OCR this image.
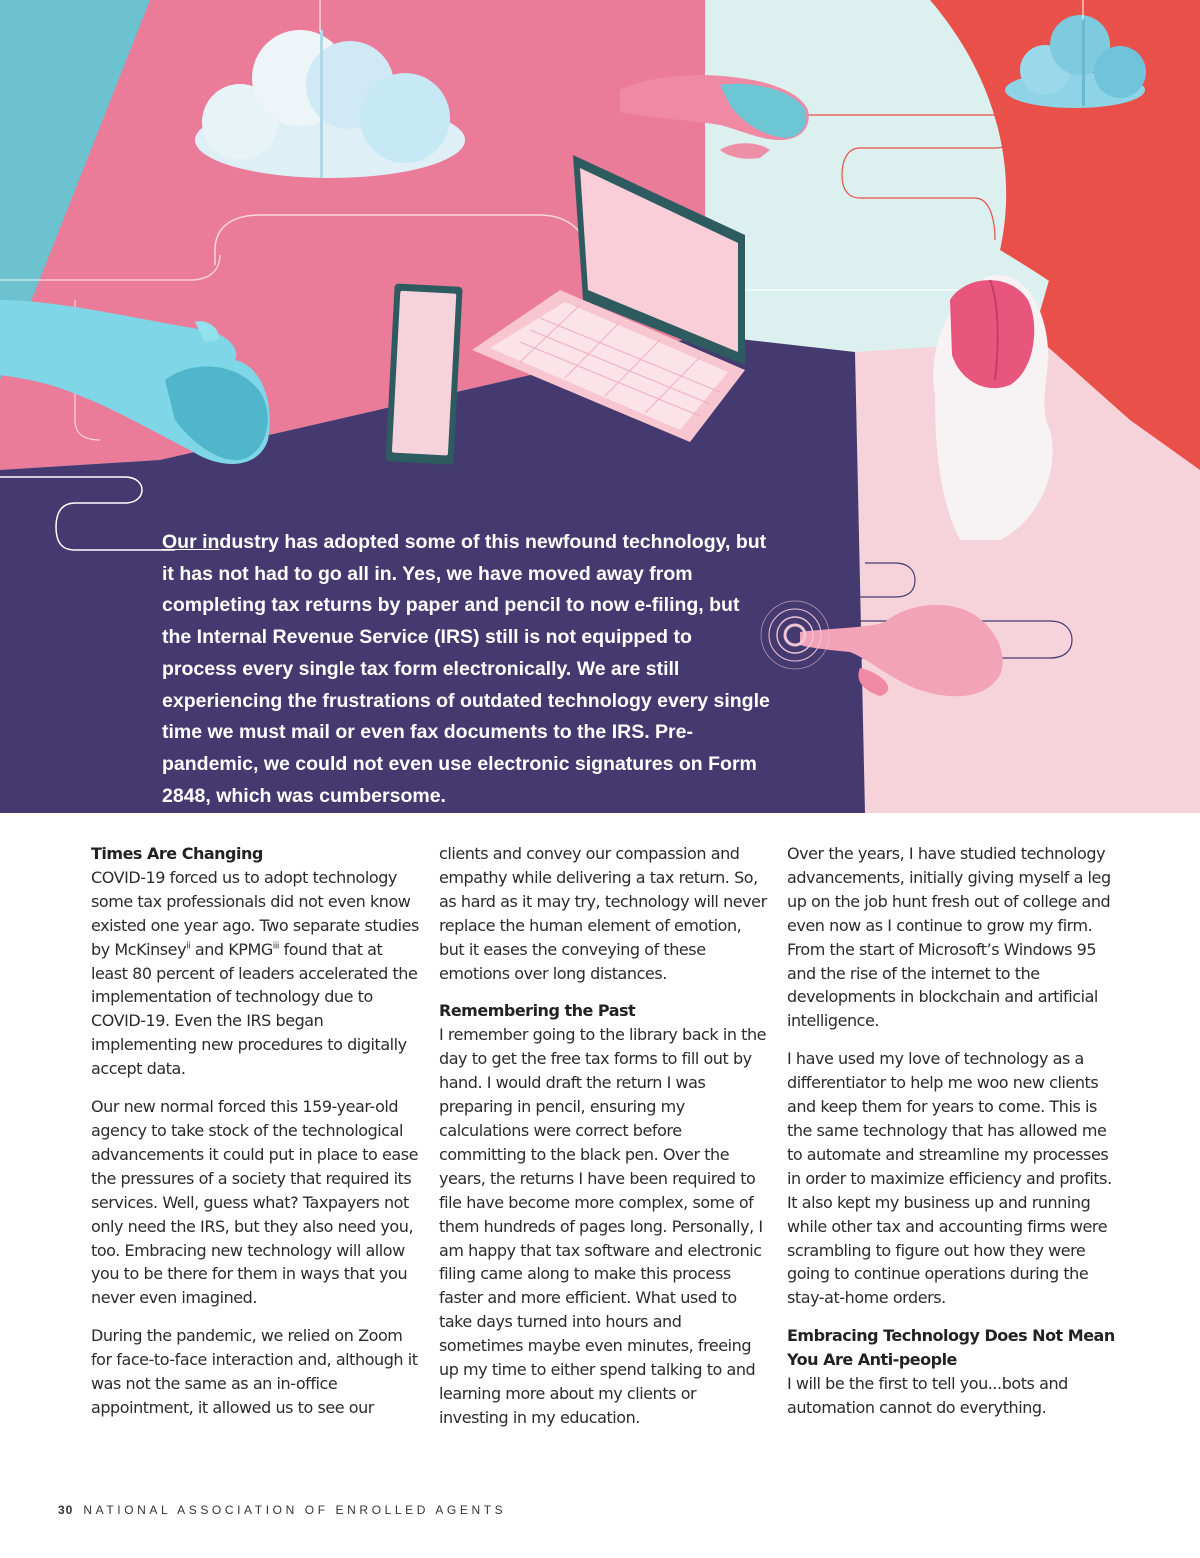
Our industry has adopted some of this newfound technology, but it has not had to go all in. Yes, we have moved away from completing tax returns by paper and pencil to now e-filing, but the Internal Revenue Service (IRS) still is not equipped to process every single tax form electronically. We are still experiencing the frustrations of outdated technology every single time we must mail or even fax documents to the IRS. Pre-pandemic, we could not even use electronic signatures on Form 2848, which was cumbersome.

Times Are Changing

COVID-19 forced us to adopt technology some tax professionals did not even know existed one year ago. Two separate studies by McKinsey$^{ii}$ and KPMG$^{iii}$ found that at least 80 percent of leaders accelerated the implementation of technology due to COVID-19. Even the IRS began implementing new procedures to digitally accept data.

Our new normal forced this 159-year-old agency to take stock of the technological advancements it could put in place to ease the pressures of a society that required its services. Well, guess what? Taxpayers not only need the IRS, but they also need you, too. Embracing new technology will allow you to be there for them in ways that you never even imagined.

During the pandemic, we relied on Zoom for face-to-face interaction and, although it was not the same as an in-office appointment, it allowed us to see our

clients and convey our compassion and empathy while delivering a tax return. So, as hard as it may try, technology will never replace the human element of emotion, but it eases the conveying of these emotions over long distances.

Remembering the Past

I remember going to the library back in the day to get the free tax forms to fill out by hand. I would draft the return I was preparing in pencil, ensuring my calculations were correct before committing to the black pen. Over the years, the returns I have been required to file have become more complex, some of them hundreds of pages long. Personally, I am happy that tax software and electronic filing came along to make this process faster and more efficient. What used to take days turned into hours and sometimes maybe even minutes, freeing up my time to either spend talking to and learning more about my clients or investing in my education.

Over the years, I have studied technology advancements, initially giving myself a leg up on the job hunt fresh out of college and even now as I continue to grow my firm. From the start of Microsoft’s Windows 95 and the rise of the internet to the developments in blockchain and artificial intelligence.

I have used my love of technology as a differentiator to help me woo new clients and keep them for years to come. This is the same technology that has allowed me to automate and streamline my processes in order to maximize efficiency and profits. It also kept my business up and running while other tax and accounting firms were scrambling to figure out how they were going to continue operations during the stay-at-home orders.

Embracing Technology Does Not Mean You Are Anti-people

I will be the first to tell you...bots and automation cannot do everything.

30 NATIONAL ASSOCIATION OF ENROLLED AGENTS
